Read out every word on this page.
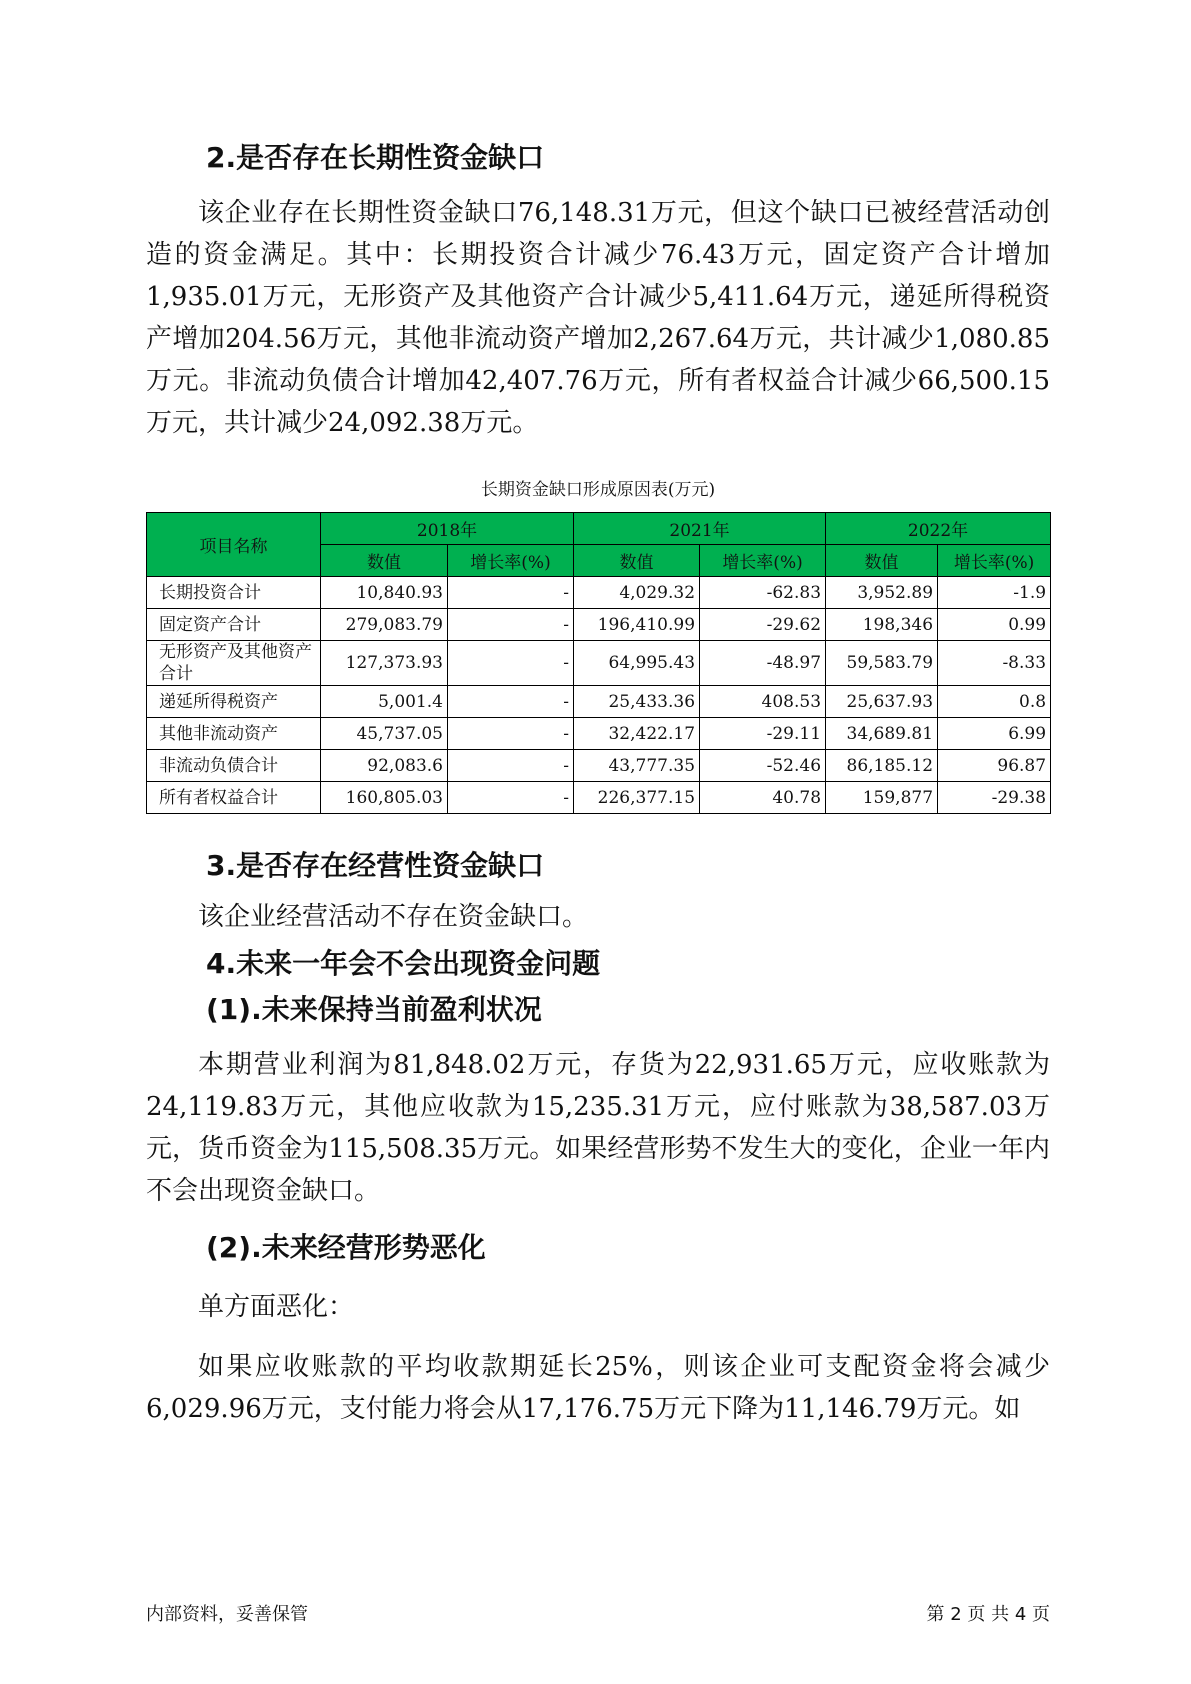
2.是否存在长期性资金缺口

该企业存在长期性资金缺口76,148.31万元，但这个缺口已被经营活动创造的资金满足。其中：长期投资合计减少76.43万元，固定资产合计增加1,935.01万元，无形资产及其他资产合计减少5,411.64万元，递延所得税资产增加204.56万元，其他非流动资产增加2,267.64万元，共计减少1,080.85万元。非流动负债合计增加42,407.76万元，所有者权益合计减少66,500.15万元，共计减少24,092.38万元。

长期资金缺口形成原因表(万元)

项目名称	2018年		2021年		2022年	
	数值	增长率(%)	数值	增长率(%)	数值	增长率(%)
长期投资合计	10,840.93	-	4,029.32	-62.83	3,952.89	-1.9
固定资产合计	279,083.79	-	196,410.99	-29.62	198,346	0.99
无形资产及其他资产合计	127,373.93	-	64,995.43	-48.97	59,583.79	-8.33
递延所得税资产	5,001.4	-	25,433.36	408.53	25,637.93	0.8
其他非流动资产	45,737.05	-	32,422.17	-29.11	34,689.81	6.99
非流动负债合计	92,083.6	-	43,777.35	-52.46	86,185.12	96.87
所有者权益合计	160,805.03	-	226,377.15	40.78	159,877	-29.38
3.是否存在经营性资金缺口

该企业经营活动不存在资金缺口。

4.未来一年会不会出现资金问题
(1).未来保持当前盈利状况

本期营业利润为81,848.02万元，存货为22,931.65万元，应收账款为24,119.83万元，其他应收款为15,235.31万元，应付账款为38,587.03万元，货币资金为115,508.35万元。如果经营形势不发生大的变化，企业一年内不会出现资金缺口。

(2).未来经营形势恶化

单方面恶化：

如果应收账款的平均收款期延长25%，则该企业可支配资金将会减少6,029.96万元，支付能力将会从17,176.75万元下降为11,146.79万元。如

内部资料，妥善保管	第 2 页 共 4 页
